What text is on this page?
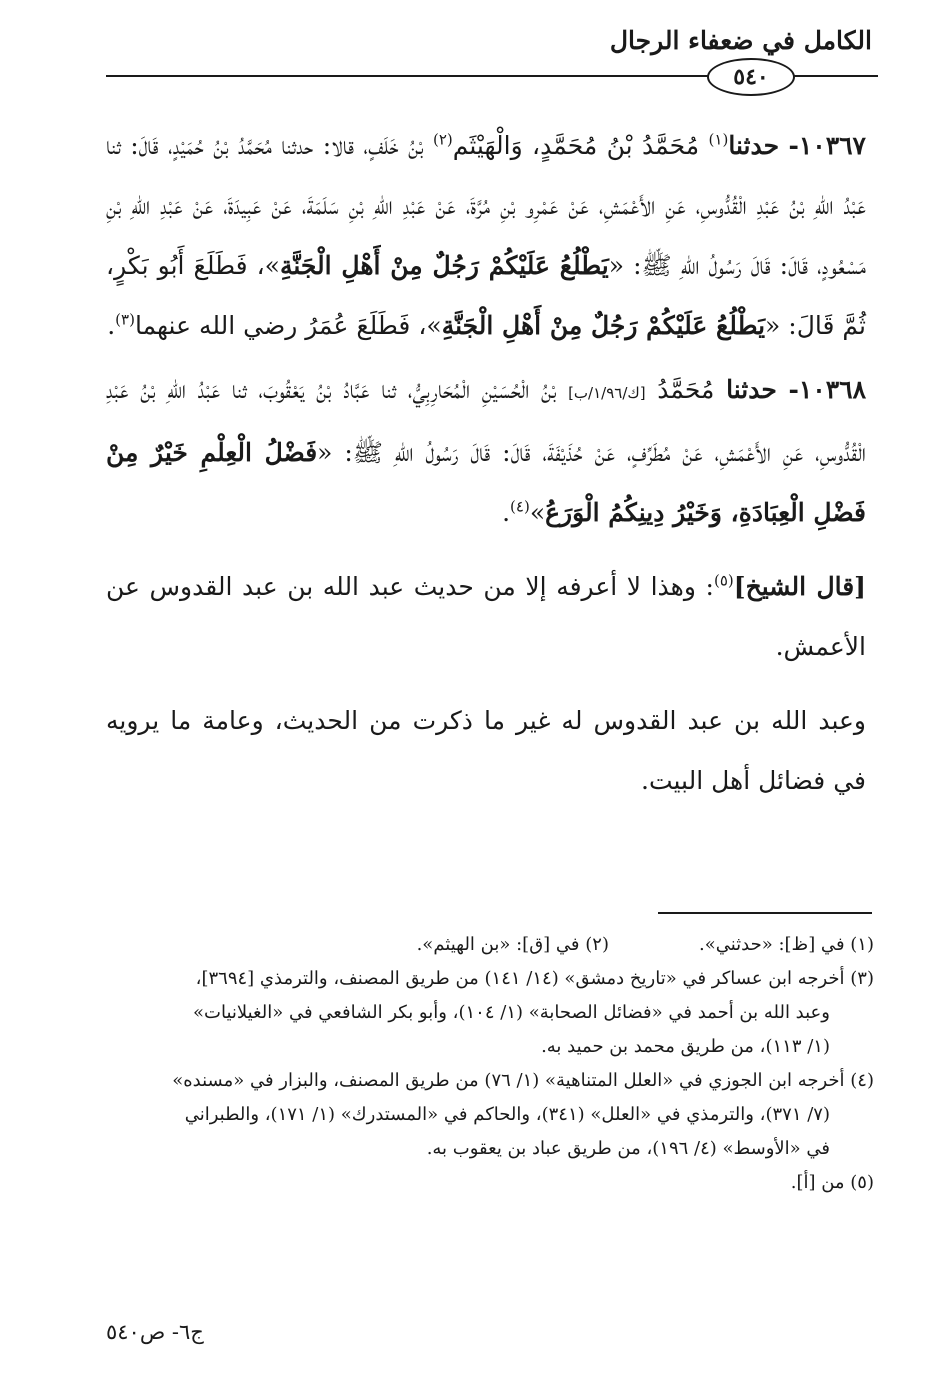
الكامل في ضعفاء الرجال
٥٤٠

١٠٣٦٧- حدثنا$^{(١)}$ مُحَمَّدُ بْنُ مُحَمَّدٍ، وَالْهَيْثَم$^{(٢)}$ بْنُ خَلَفٍ، قالا: حدثنا مُحَمَّدُ بْنُ حُمَيْدٍ، قَالَ: ثنا عَبْدُ اللهِ بْنُ عَبْدِ الْقُدُّوسِ، عَنِ الأَعْمَشِ، عَنْ عَمْرِو بْنِ مُرَّةَ، عَنْ عَبْدِ اللهِ بْنِ سَلَمَةَ، عَنْ عَبِيدَةَ، عَنْ عَبْدِ اللهِ بْنِ مَسْعُودٍ، قَالَ: قَالَ رَسُولُ اللهِ ﷺ: «يَطْلُعُ عَلَيْكُمْ رَجُلٌ مِنْ أَهْلِ الْجَنَّةِ»، فَطَلَعَ أَبُو بَكْرٍ، ثُمَّ قَالَ: «يَطْلُعُ عَلَيْكُمْ رَجُلٌ مِنْ أَهْلِ الْجَنَّةِ»، فَطَلَعَ عُمَرُ رضي الله عنهما$^{(٣)}$.

١٠٣٦٨- حدثنا مُحَمَّدُ [ك/١/٩٦/ب] بْنُ الْحُسَيْنِ الْمُحَارِبِيُّ، ثنا عَبَّادُ بْنُ يَعْقُوبَ، ثنا عَبْدُ اللهِ بْنُ عَبْدِ الْقُدُّوسِ، عَنِ الأَعْمَشِ، عَنْ مُطَرِّفٍ، عَنْ حُذَيْفَةَ، قَالَ: قَالَ رَسُولُ اللهِ ﷺ: «فَضْلُ الْعِلْمِ خَيْرٌ مِنْ فَضْلِ الْعِبَادَةِ، وَخَيْرُ دِينِكُمُ الْوَرَعُ»$^{(٤)}$.

[قال الشيخ]$^{(٥)}$: وهذا لا أعرفه إلا من حديث عبد الله بن عبد القدوس عن الأعمش.

وعبد الله بن عبد القدوس له غير ما ذكرت من الحديث، وعامة ما يرويه في فضائل أهل البيت.

(١) في [ظ]: «حدثني».

(٢) في [ق]: «بن الهيثم».

(٣) أخرجه ابن عساكر في «تاريخ دمشق» (١٤/ ١٤١) من طريق المصنف، والترمذي [٣٦٩٤]،

وعبد الله بن أحمد في «فضائل الصحابة» (١/ ١٠٤)، وأبو بكر الشافعي في «الغيلانيات»

(١/ ١١٣)، من طريق محمد بن حميد به.

(٤) أخرجه ابن الجوزي في «العلل المتناهية» (١/ ٧٦) من طريق المصنف، والبزار في «مسنده»

(٧/ ٣٧١)، والترمذي في «العلل» (٣٤١)، والحاكم في «المستدرك» (١/ ١٧١)، والطبراني

في «الأوسط» (٤/ ١٩٦)، من طريق عباد بن يعقوب به.

(٥) من [أ].

ج٦- ص٥٤٠
